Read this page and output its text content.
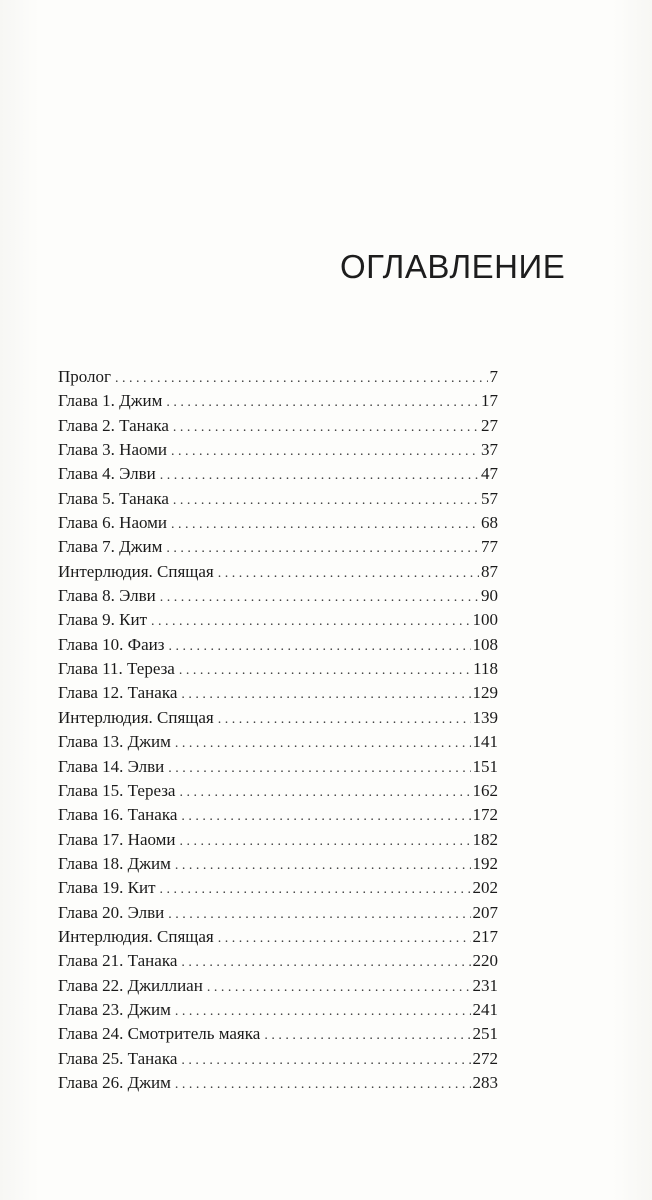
ОГЛАВЛЕНИЕ
Пролог . . .	7
Глава 1. Джим . . .	17
Глава 2. Танака . . .	27
Глава 3. Наоми . . .	37
Глава 4. Элви . . .	47
Глава 5. Танака . . .	57
Глава 6. Наоми . . .	68
Глава 7. Джим . . .	77
Интерлюдия. Спящая . . .	87
Глава 8. Элви . . .	90
Глава 9. Кит . . .	100
Глава 10. Фаиз . . .	108
Глава 11. Тереза . . .	118
Глава 12. Танака . . .	129
Интерлюдия. Спящая . . .	139
Глава 13. Джим . . .	141
Глава 14. Элви . . .	151
Глава 15. Тереза . . .	162
Глава 16. Танака . . .	172
Глава 17. Наоми . . .	182
Глава 18. Джим . . .	192
Глава 19. Кит . . .	202
Глава 20. Элви . . .	207
Интерлюдия. Спящая . . .	217
Глава 21. Танака . . .	220
Глава 22. Джиллиан . . .	231
Глава 23. Джим . . .	241
Глава 24. Смотритель маяка . . .	251
Глава 25. Танака . . .	272
Глава 26. Джим . . .	283
